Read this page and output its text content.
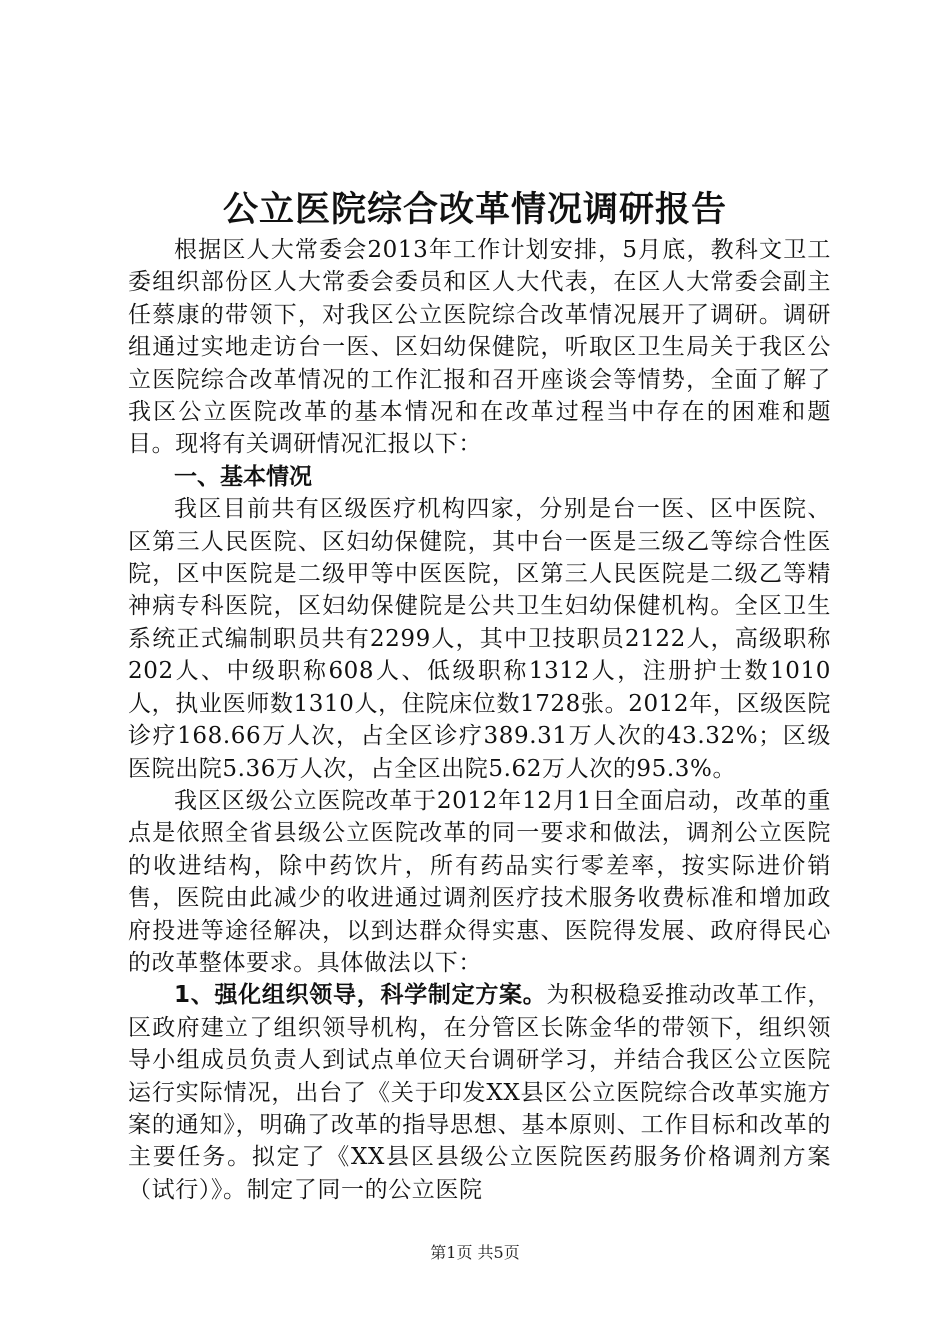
公立医院综合改革情况调研报告

根据区人大常委会2013年工作计划安排，5月底，教科文卫工委组织部份区人大常委会委员和区人大代表，在区人大常委会副主任蔡康的带领下，对我区公立医院综合改革情况展开了调研。调研组通过实地走访台一医、区妇幼保健院，听取区卫生局关于我区公立医院综合改革情况的工作汇报和召开座谈会等情势，全面了解了我区公立医院改革的基本情况和在改革过程当中存在的困难和题目。现将有关调研情况汇报以下：

一、基本情况

我区目前共有区级医疗机构四家，分别是台一医、区中医院、区第三人民医院、区妇幼保健院，其中台一医是三级乙等综合性医院，区中医院是二级甲等中医医院，区第三人民医院是二级乙等精神病专科医院，区妇幼保健院是公共卫生妇幼保健机构。全区卫生系统正式编制职员共有2299人，其中卫技职员2122人，高级职称202人、中级职称608人、低级职称1312人，注册护士数1010人，执业医师数1310人，住院床位数1728张。2012年，区级医院诊疗168.66万人次，占全区诊疗389.31万人次的43.32%；区级医院出院5.36万人次，占全区出院5.62万人次的95.3%。

我区区级公立医院改革于2012年12月1日全面启动，改革的重点是依照全省县级公立医院改革的同一要求和做法，调剂公立医院的收进结构，除中药饮片，所有药品实行零差率，按实际进价销售，医院由此减少的收进通过调剂医疗技术服务收费标准和增加政府投进等途径解决，以到达群众得实惠、医院得发展、政府得民心的改革整体要求。具体做法以下：

1、强化组织领导，科学制定方案。为积极稳妥推动改革工作，区政府建立了组织领导机构，在分管区长陈金华的带领下，组织领导小组成员负责人到试点单位天台调研学习，并结合我区公立医院运行实际情况，出台了《关于印发XX县区公立医院综合改革实施方案的通知》，明确了改革的指导思想、基本原则、工作目标和改革的主要任务。拟定了《XX县区县级公立医院医药服务价格调剂方案（试行）》。制定了同一的公立医院

第1页 共5页
